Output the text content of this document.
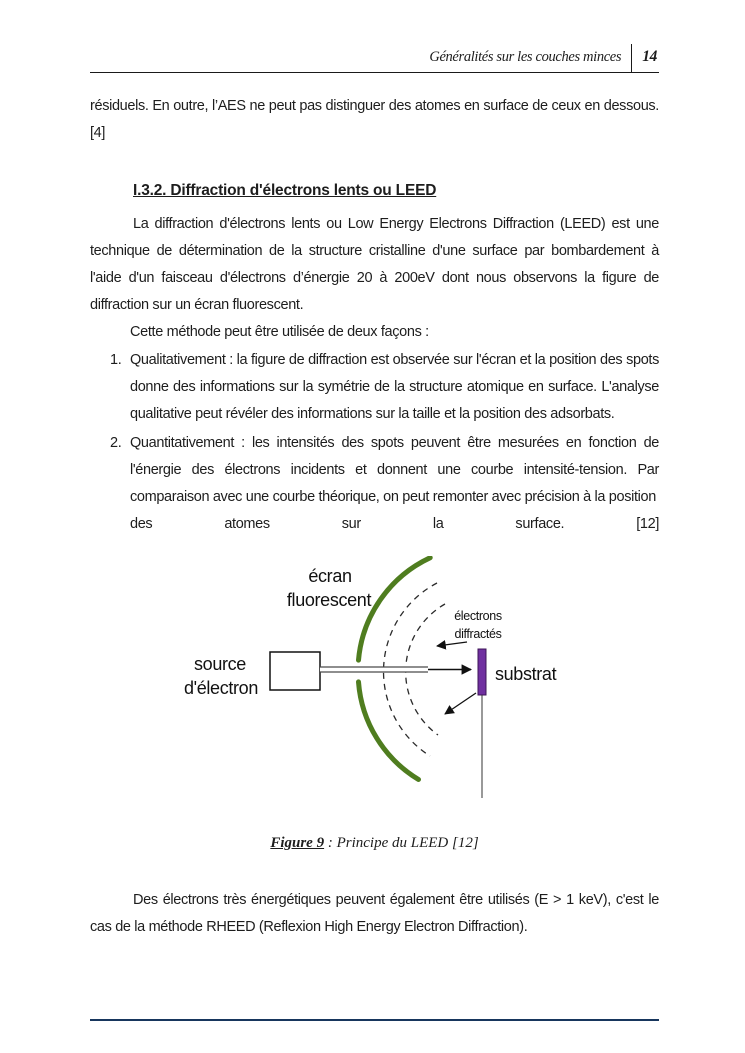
Généralités sur les couches minces	14

résiduels. En outre, l’AES ne peut pas distinguer des atomes en surface de ceux en dessous. [4]

I.3.2. Diffraction d'électrons lents ou LEED

La diffraction d'électrons lents ou Low Energy Electrons Diffraction (LEED) est une technique de détermination de la structure cristalline d'une surface par bombardement à l'aide d'un faisceau d'électrons d’énergie 20 à 200eV dont nous observons la figure de diffraction sur un écran fluorescent.

Cette méthode peut être utilisée de deux façons :

1. Qualitativement : la figure de diffraction est observée sur l'écran et la position des spots donne des informations sur la symétrie de la structure atomique en surface. L'analyse qualitative peut révéler des informations sur la taille et la position des adsorbats.
2. Quantitativement : les intensités des spots peuvent être mesurées en fonction de l'énergie des électrons incidents et donnent une courbe intensité-tension. Par comparaison avec une courbe théorique, on peut remonter avec précision à la position
des atomes sur la surface. [12]
écran
fluorescent
électrons
diffractés
source
d'électron
substrat

Figure 9 : Principe du LEED [12]

Des électrons très énergétiques peuvent également être utilisés (E > 1 keV), c'est le cas de la méthode RHEED (Reflexion High Energy Electron Diffraction).
